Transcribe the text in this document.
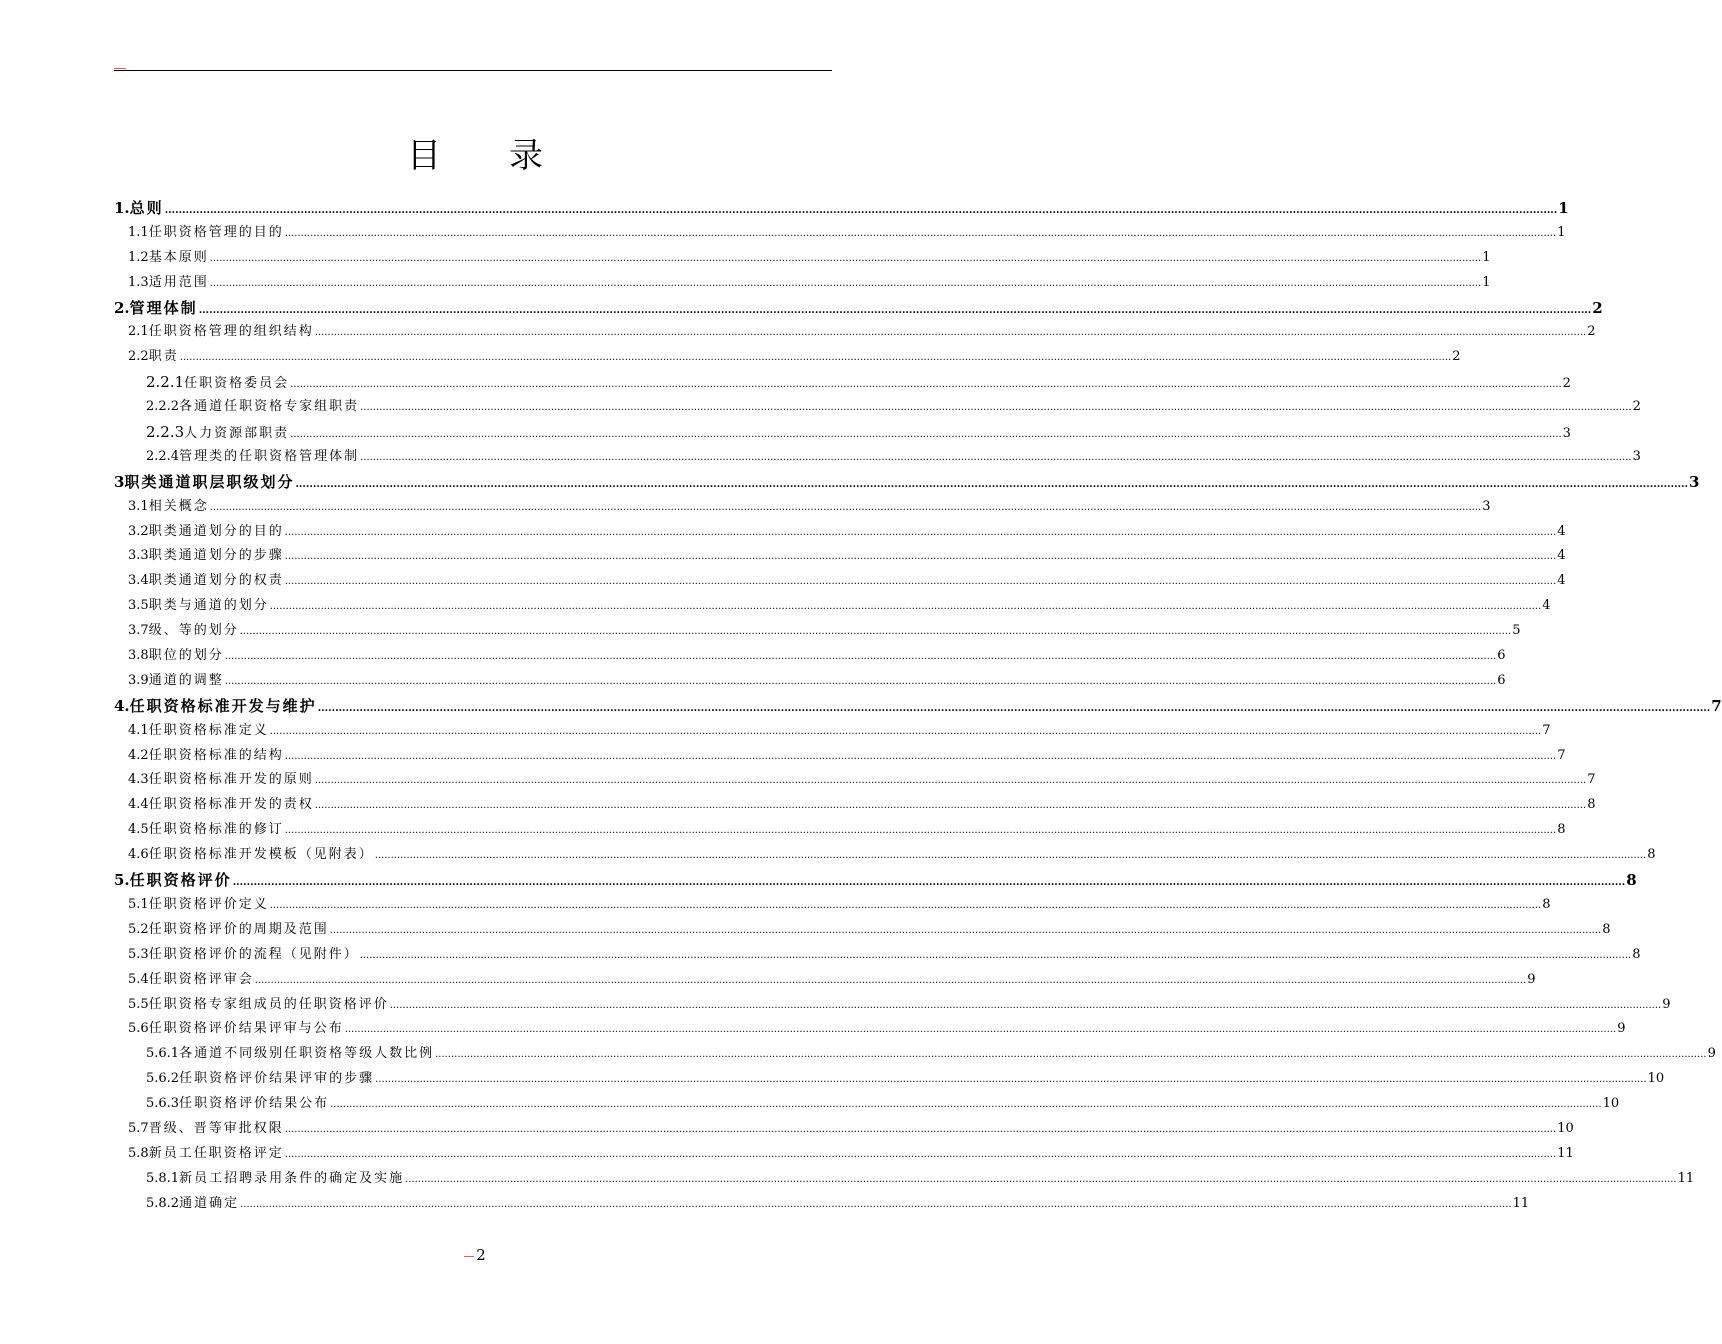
目　　录
1. 总则 ................................................................................................................................................................................................................................................................................................................................................................................................................ 1
1.1 任职资格管理的目的 ................................................................................................................................................................................................................................................................................................................................................................................................................ 1
1.2 基本原则 ................................................................................................................................................................................................................................................................................................................................................................................................................ 1
1.3 适用范围 ................................................................................................................................................................................................................................................................................................................................................................................................................ 1
2. 管理体制 ................................................................................................................................................................................................................................................................................................................................................................................................................ 2
2.1 任职资格管理的组织结构 ................................................................................................................................................................................................................................................................................................................................................................................................................ 2
2.2 职责 ................................................................................................................................................................................................................................................................................................................................................................................................................ 2
2.2.1 任职资格委员会 ................................................................................................................................................................................................................................................................................................................................................................................................................ 2
2.2.2 各通道任职资格专家组职责 ................................................................................................................................................................................................................................................................................................................................................................................................................ 2
2.2.3 人力资源部职责 ................................................................................................................................................................................................................................................................................................................................................................................................................ 3
2.2.4 管理类的任职资格管理体制 ................................................................................................................................................................................................................................................................................................................................................................................................................ 3
3 职类通道职层职级划分 ................................................................................................................................................................................................................................................................................................................................................................................................................ 3
3.1 相关概念 ................................................................................................................................................................................................................................................................................................................................................................................................................ 3
3.2 职类通道划分的目的 ................................................................................................................................................................................................................................................................................................................................................................................................................ 4
3.3 职类通道划分的步骤 ................................................................................................................................................................................................................................................................................................................................................................................................................ 4
3.4 职类通道划分的权责 ................................................................................................................................................................................................................................................................................................................................................................................................................ 4
3.5 职类与通道的划分 ................................................................................................................................................................................................................................................................................................................................................................................................................ 4
3.7 级、等的划分 ................................................................................................................................................................................................................................................................................................................................................................................................................ 5
3.8 职位的划分 ................................................................................................................................................................................................................................................................................................................................................................................................................ 6
3.9 通道的调整 ................................................................................................................................................................................................................................................................................................................................................................................................................ 6
4. 任职资格标准开发与维护 ................................................................................................................................................................................................................................................................................................................................................................................................................ 7
4.1 任职资格标准定义 ................................................................................................................................................................................................................................................................................................................................................................................................................ 7
4.2 任职资格标准的结构 ................................................................................................................................................................................................................................................................................................................................................................................................................ 7
4.3 任职资格标准开发的原则 ................................................................................................................................................................................................................................................................................................................................................................................................................ 7
4.4 任职资格标准开发的责权 ................................................................................................................................................................................................................................................................................................................................................................................................................ 8
4.5 任职资格标准的修订 ................................................................................................................................................................................................................................................................................................................................................................................................................ 8
4.6 任职资格标准开发模板（见附表） ................................................................................................................................................................................................................................................................................................................................................................................................................ 8
5. 任职资格评价 ................................................................................................................................................................................................................................................................................................................................................................................................................ 8
5.1 任职资格评价定义 ................................................................................................................................................................................................................................................................................................................................................................................................................ 8
5.2 任职资格评价的周期及范围 ................................................................................................................................................................................................................................................................................................................................................................................................................ 8
5.3 任职资格评价的流程（见附件） ................................................................................................................................................................................................................................................................................................................................................................................................................ 8
5.4 任职资格评审会 ................................................................................................................................................................................................................................................................................................................................................................................................................ 9
5.5 任职资格专家组成员的任职资格评价 ................................................................................................................................................................................................................................................................................................................................................................................................................ 9
5.6 任职资格评价结果评审与公布 ................................................................................................................................................................................................................................................................................................................................................................................................................ 9
5.6.1 各通道不同级别任职资格等级人数比例 ................................................................................................................................................................................................................................................................................................................................................................................................................ 9
5.6.2 任职资格评价结果评审的步骤 ................................................................................................................................................................................................................................................................................................................................................................................................................ 10
5.6.3 任职资格评价结果公布 ................................................................................................................................................................................................................................................................................................................................................................................................................ 10
5.7 晋级、晋等审批权限 ................................................................................................................................................................................................................................................................................................................................................................................................................ 10
5.8 新员工任职资格评定 ................................................................................................................................................................................................................................................................................................................................................................................................................ 11
5.8.1 新员工招聘录用条件的确定及实施 ................................................................................................................................................................................................................................................................................................................................................................................................................ 11
5.8.2 通道确定 ................................................................................................................................................................................................................................................................................................................................................................................................................ 11
2
